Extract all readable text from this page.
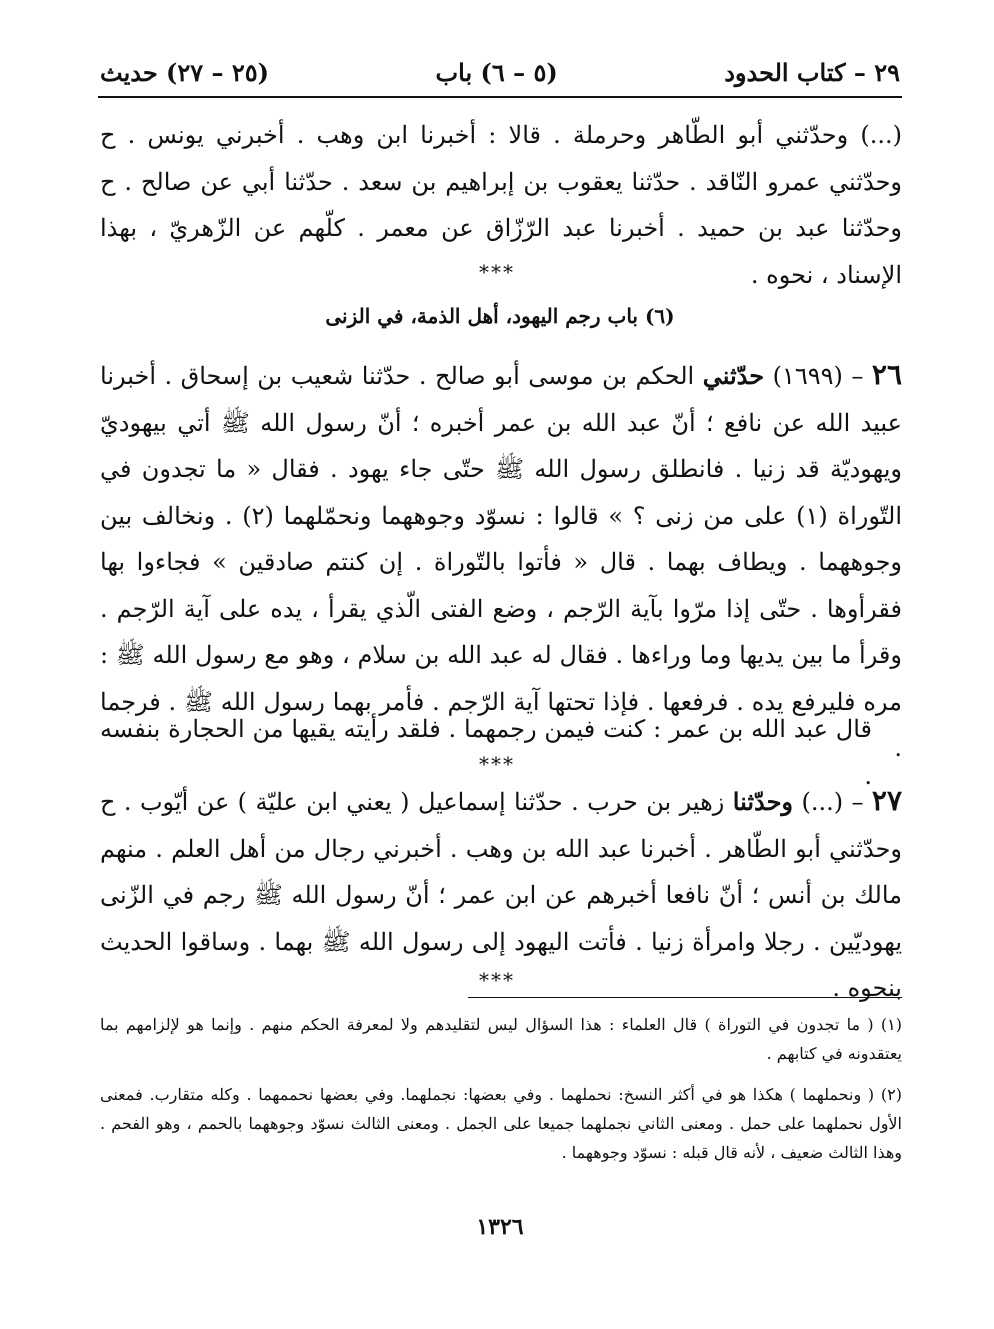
٢٩ – كتاب الحدود
(٥ – ٦) باب
(٢٥ – ٢٧) حديث
(...) وحدّثني أبو الطّاهر وحرملة . قالا : أخبرنا ابن وهب . أخبرني يونس . ح وحدّثني عمرو النّاقد . حدّثنا يعقوب بن إبراهيم بن سعد . حدّثنا أبي عن صالح . ح وحدّثنا عبد بن حميد . أخبرنا عبد الرّزّاق عن معمر . كلّهم عن الزّهريّ ، بهذا الإسناد ، نحوه .
***
(٦) باب رجم اليهود، أهل الذمة، في الزنى
٢٦ – (١٦٩٩) حدّثني الحكم بن موسى أبو صالح . حدّثنا شعيب بن إسحاق . أخبرنا عبيد الله عن نافع ؛ أنّ عبد الله بن عمر أخبره ؛ أنّ رسول الله ﷺ أتي بيهوديّ ويهوديّة قد زنيا . فانطلق رسول الله ﷺ حتّى جاء يهود . فقال « ما تجدون في التّوراة (١) على من زنى ؟ » قالوا : نسوّد وجوههما ونحمّلهما (٢) . ونخالف بين وجوههما . ويطاف بهما . قال « فأتوا بالتّوراة . إن كنتم صادقين » فجاءوا بها فقرأوها . حتّى إذا مرّوا بآية الرّجم ، وضع الفتى الّذي يقرأ ، يده على آية الرّجم . وقرأ ما بين يديها وما وراءها . فقال له عبد الله بن سلام ، وهو مع رسول الله ﷺ : مره فليرفع يده . فرفعها . فإذا تحتها آية الرّجم . فأمر بهما رسول الله ﷺ . فرجما .
قال عبد الله بن عمر : كنت فيمن رجمهما . فلقد رأيته يقيها من الحجارة بنفسه .
***
٢٧ – (...) وحدّثنا زهير بن حرب . حدّثنا إسماعيل ( يعني ابن عليّة ) عن أيّوب . ح وحدّثني أبو الطّاهر . أخبرنا عبد الله بن وهب . أخبرني رجال من أهل العلم . منهم مالك بن أنس ؛ أنّ نافعا أخبرهم عن ابن عمر ؛ أنّ رسول الله ﷺ رجم في الزّنى يهوديّين . رجلا وامرأة زنيا . فأتت اليهود إلى رسول الله ﷺ بهما . وساقوا الحديث بنحوه .
***
(١) ( ما تجدون في التوراة ) قال العلماء : هذا السؤال ليس لتقليدهم ولا لمعرفة الحكم منهم . وإنما هو لإلزامهم بما يعتقدونه في كتابهم .
(٢) ( ونحملهما ) هكذا هو في أكثر النسخ: نحملهما . وفي بعضها: نجملهما. وفي بعضها نحممهما . وكله متقارب. فمعنى الأول نحملهما على حمل . ومعنى الثاني نجملهما جميعا على الجمل . ومعنى الثالث نسوّد وجوههما بالحمم ، وهو الفحم . وهذا الثالث ضعيف ، لأنه قال قبله : نسوّد وجوههما .
١٣٢٦
